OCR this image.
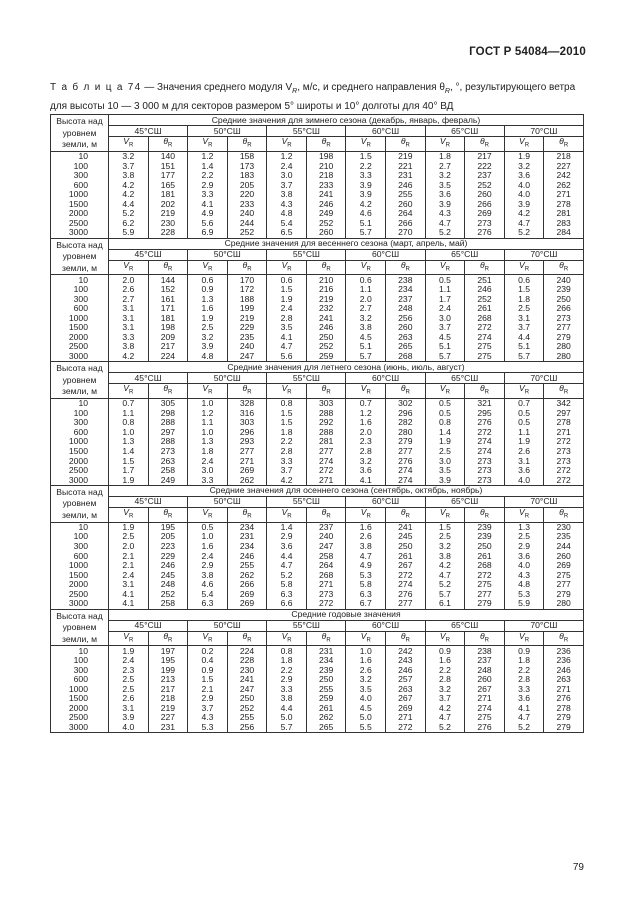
ГОСТ Р 54084—2010
Т а б л и ц а 74 — Значения среднего модуля $V_R$, м/с, и среднего направления $\theta_R$, °, результирующего ветра для высоты 10 — 3 000 м для секторов размером 5° широты и 10° долготы для 40° ВД
Высота над уровнем земли, м	Средние значения для зимнего сезона (декабрь, январь, февраль)											
	45°СШ		50°СШ		55°СШ		60°СШ		65°СШ		70°СШ	
	$V_R$	$\theta_R$	$V_R$	$\theta_R$	$V_R$	$\theta_R$	$V_R$	$\theta_R$	$V_R$	$\theta_R$	$V_R$	$\theta_R$
10	3.2	140	1.2	158	1.2	198	1.5	219	1.8	217	1.9	218
100	3.7	151	1.4	173	2.4	210	2.2	221	2.7	222	3.2	227
300	3.8	177	2.2	183	3.0	218	3.3	231	3.2	237	3.6	242
600	4.2	165	2.9	205	3.7	233	3.9	246	3.5	252	4.0	262
1000	4.2	181	3.3	220	3.8	241	3.9	255	3.6	260	4.0	271
1500	4.4	202	4.1	233	4.3	246	4.2	260	3.9	266	3.9	278
2000	5.2	219	4.9	240	4.8	249	4.6	264	4.3	269	4.2	281
2500	6.2	230	5.6	244	5.4	252	5.1	266	4.7	273	4.7	283
3000	5.9	228	6.9	252	6.5	260	5.7	270	5.2	276	5.2	284
Высота над уровнем земли, м	Средние значения для весеннего сезона (март, апрель, май)											
	45°СШ		50°СШ		55°СШ		60°СШ		65°СШ		70°СШ	
	$V_R$	$\theta_R$	$V_R$	$\theta_R$	$V_R$	$\theta_R$	$V_R$	$\theta_R$	$V_R$	$\theta_R$	$V_R$	$\theta_R$
10	2.0	144	0.6	170	0.6	210	0.6	238	0.5	251	0.6	240
100	2.6	152	0.9	172	1.5	216	1.1	234	1.1	246	1.5	239
300	2.7	161	1.3	188	1.9	219	2.0	237	1.7	252	1.8	250
600	3.1	171	1.6	199	2.4	232	2.7	248	2.4	261	2.5	266
1000	3.1	181	1.9	219	2.8	241	3.2	256	3.0	268	3.1	273
1500	3.1	198	2.5	229	3.5	246	3.8	260	3.7	272	3.7	277
2000	3.3	209	3.2	235	4.1	250	4.5	263	4.5	274	4.4	279
2500	3.8	217	3.9	240	4.7	252	5.1	265	5.1	275	5.1	280
3000	4.2	224	4.8	247	5.6	259	5.7	268	5.7	275	5.7	280
Высота над уровнем земли, м	Средние значения для летнего сезона (июнь, июль, август)											
	45°СШ		50°СШ		55°СШ		60°СШ		65°СШ		70°СШ	
	$V_R$	$\theta_R$	$V_R$	$\theta_R$	$V_R$	$\theta_R$	$V_R$	$\theta_R$	$V_R$	$\theta_R$	$V_R$	$\theta_R$
10	0.7	305	1.0	328	0.8	303	0.7	302	0.5	321	0.7	342
100	1.1	298	1.2	316	1.5	288	1.2	296	0.5	295	0.5	297
300	0.8	288	1.1	303	1.5	292	1.6	282	0.8	276	0.5	278
600	1.0	297	1.0	296	1.8	288	2.0	280	1.4	272	1.1	271
1000	1.3	288	1.3	293	2.2	281	2.3	279	1.9	274	1.9	272
1500	1.4	273	1.8	277	2.8	277	2.8	277	2.5	274	2.6	273
2000	1.5	263	2.4	271	3.3	274	3.2	276	3.0	273	3.1	273
2500	1.7	258	3.0	269	3.7	272	3.6	274	3.5	273	3.6	272
3000	1.9	249	3.3	262	4.2	271	4.1	274	3.9	273	4.0	272
Высота над уровнем земли, м	Средние значения для осеннего сезона (сентябрь, октябрь, ноябрь)											
	45°СШ		50°СШ		55°СШ		60°СШ		65°СШ		70°СШ	
	$V_R$	$\theta_R$	$V_R$	$\theta_R$	$V_R$	$\theta_R$	$V_R$	$\theta_R$	$V_R$	$\theta_R$	$V_R$	$\theta_R$
10	1.9	195	0.5	234	1.4	237	1.6	241	1.5	239	1.3	230
100	2.5	205	1.0	231	2.9	240	2.6	245	2.5	239	2.5	235
300	2.0	223	1.6	234	3.6	247	3.8	250	3.2	250	2.9	244
600	2.1	229	2.4	246	4.4	258	4.7	261	3.8	261	3.6	260
1000	2.1	246	2.9	255	4.7	264	4.9	267	4.2	268	4.0	269
1500	2.4	245	3.8	262	5.2	268	5.3	272	4.7	272	4.3	275
2000	3.1	248	4.6	266	5.8	271	5.8	274	5.2	275	4.8	277
2500	4.1	252	5.4	269	6.3	273	6.3	276	5.7	277	5.3	279
3000	4.1	258	6.3	269	6.6	272	6.7	277	6.1	279	5.9	280
Высота над уровнем земли, м	Средние годовые значения											
	45°СШ		50°СШ		55°СШ		60°СШ		65°СШ		70°СШ	
	$V_R$	$\theta_R$	$V_R$	$\theta_R$	$V_R$	$\theta_R$	$V_R$	$\theta_R$	$V_R$	$\theta_R$	$V_R$	$\theta_R$
10	1.9	197	0.2	224	0.8	231	1.0	242	0.9	238	0.9	236
100	2.4	195	0.4	228	1.8	234	1.6	243	1.6	237	1.8	236
300	2.3	199	0.9	230	2.2	239	2.6	246	2.2	248	2.2	246
600	2.5	213	1.5	241	2.9	250	3.2	257	2.8	260	2.8	263
1000	2.5	217	2.1	247	3.3	255	3.5	263	3.2	267	3.3	271
1500	2.6	218	2.9	250	3.8	259	4.0	267	3.7	271	3.6	276
2000	3.1	219	3.7	252	4.4	261	4.5	269	4.2	274	4.1	278
2500	3.9	227	4.3	255	5.0	262	5.0	271	4.7	275	4.7	279
3000	4.0	231	5.3	256	5.7	265	5.5	272	5.2	276	5.2	279
79
